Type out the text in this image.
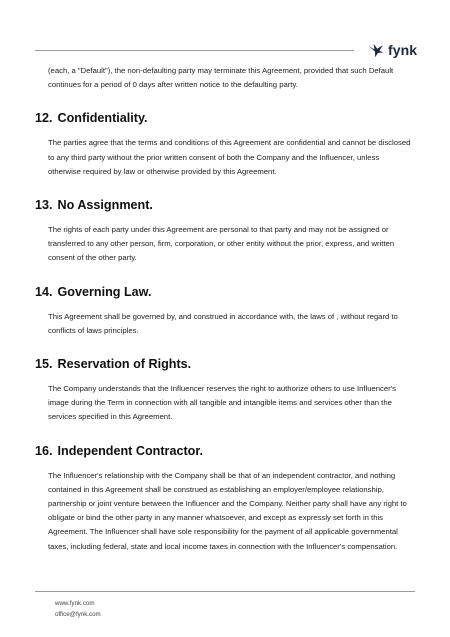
fynk

(each, a "Default"), the non-defaulting party may terminate this Agreement, provided that such Default continues for a period of 0 days after written notice to the defaulting party.

12. Confidentiality.

The parties agree that the terms and conditions of this Agreement are confidential and cannot be disclosed to any third party without the prior written consent of both the Company and the Influencer, unless otherwise required by law or otherwise provided by this Agreement.

13. No Assignment.

The rights of each party under this Agreement are personal to that party and may not be assigned or transferred to any other person, firm, corporation, or other entity without the prior, express, and written consent of the other party.

14. Governing Law.

This Agreement shall be governed by, and construed in accordance with, the laws of , without regard to conflicts of laws principles.

15. Reservation of Rights.

The Company understands that the Influencer reserves the right to authorize others to use Influencer's image during the Term in connection with all tangible and intangible items and services other than the services specified in this Agreement.

16. Independent Contractor.

The Influencer's relationship with the Company shall be that of an independent contractor, and nothing contained in this Agreement shall be construed as establishing an employer/employee relationship, partnership or joint venture between the Influencer and the Company. Neither party shall have any right to obligate or bind the other party in any manner whatsoever, and except as expressly set forth in this Agreement. The Influencer shall have sole responsibility for the payment of all applicable governmental taxes, including federal, state and local income taxes in connection with the Influencer's compensation.

www.fynk.com
office@fynk.com
